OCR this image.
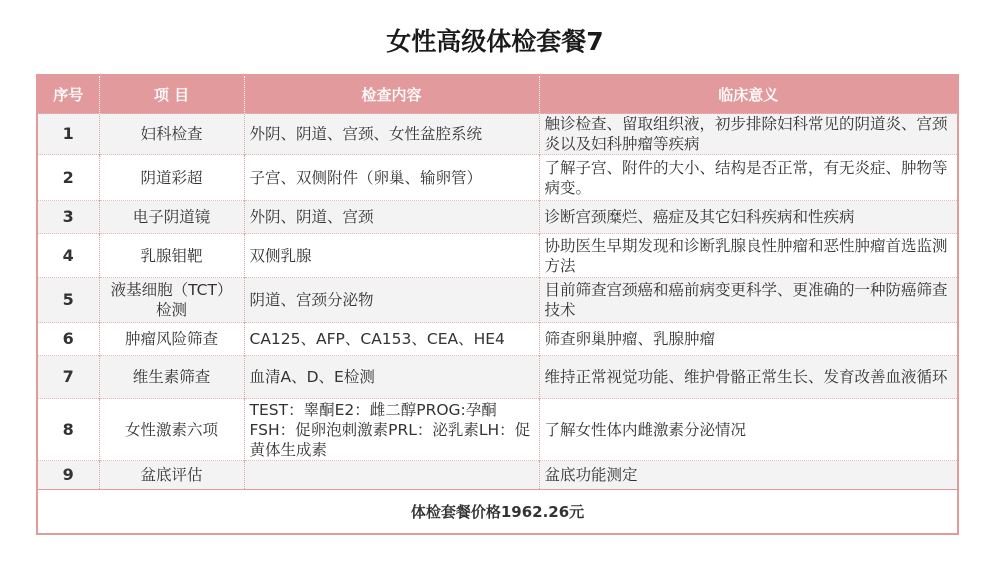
女性高级体检套餐7
序号	项 目	检查内容	临床意义
1	妇科检查	外阴、阴道、宫颈、女性盆腔系统	触诊检查、留取组织液，初步排除妇科常见的阴道炎、宫颈炎以及妇科肿瘤等疾病
2	阴道彩超	子宫、双侧附件（卵巢、输卵管）	了解子宫、附件的大小、结构是否正常，有无炎症、肿物等病变。
3	电子阴道镜	外阴、阴道、宫颈	诊断宫颈糜烂、癌症及其它妇科疾病和性疾病
4	乳腺钼靶	双侧乳腺	协助医生早期发现和诊断乳腺良性肿瘤和恶性肿瘤首选监测方法
5	液基细胞（TCT）检测	阴道、宫颈分泌物	目前筛查宫颈癌和癌前病变更科学、更准确的一种防癌筛查技术
6	肿瘤风险筛查	CA125、AFP、CA153、CEA、HE4	筛查卵巢肿瘤、乳腺肿瘤
7	维生素筛查	血清A、D、E检测	维持正常视觉功能、维护骨骼正常生长、发育改善血液循环
8	女性激素六项	TEST：睾酮E2：雌二醇PROG:孕酮FSH：促卵泡刺激素PRL：泌乳素LH：促黄体生成素	了解女性体内雌激素分泌情况
9	盆底评估		盆底功能测定
体检套餐价格1962.26元			
